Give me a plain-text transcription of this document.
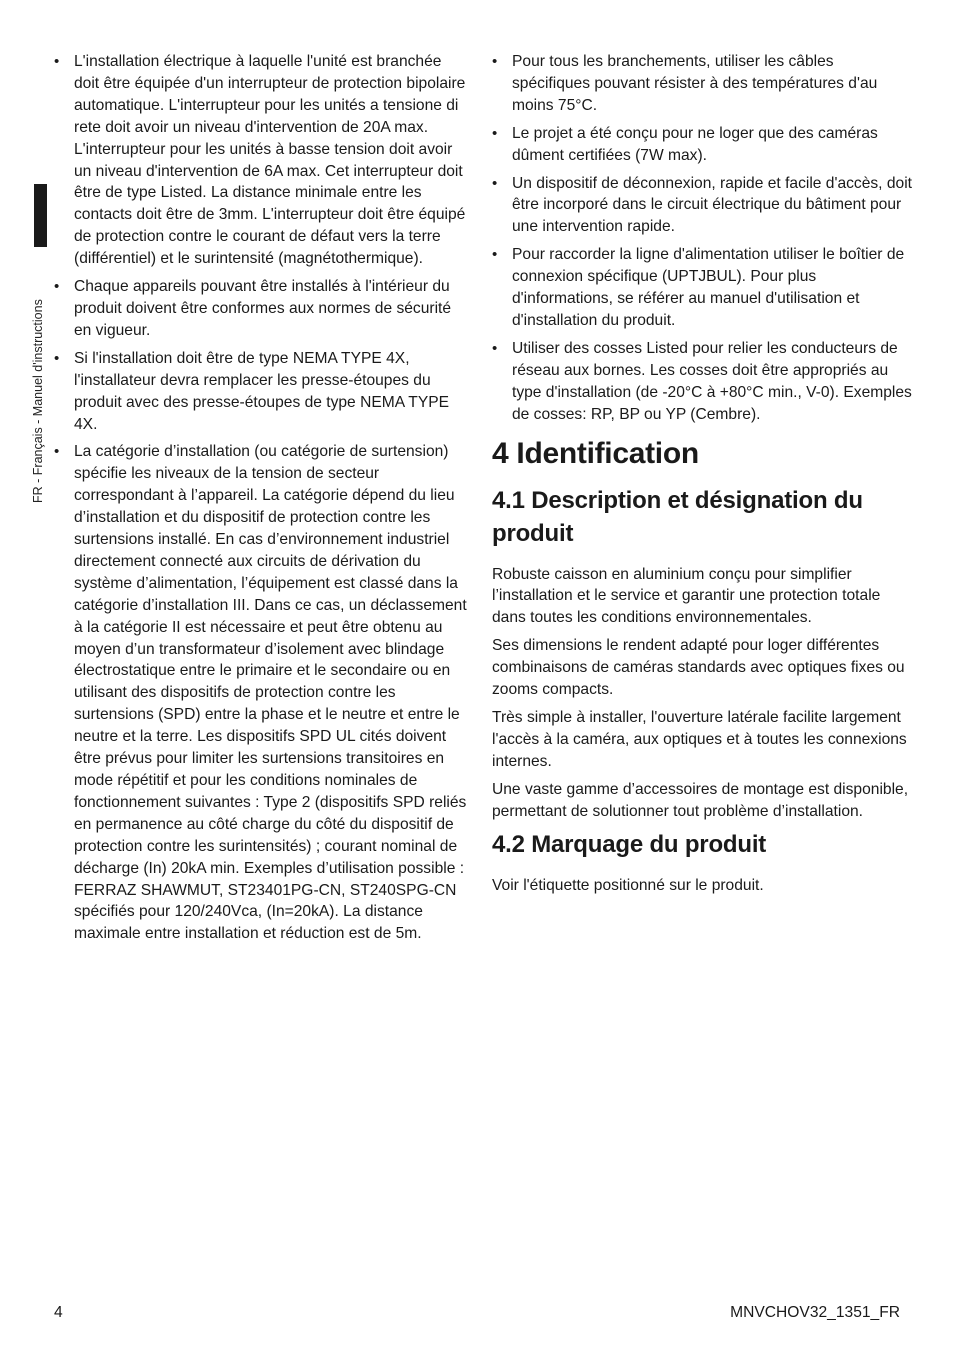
FR - Français - Manuel d'instructions
• L'installation électrique à laquelle l'unité est branchée doit être équipée d'un interrupteur de protection bipolaire automatique. L'interrupteur pour les unités a tensione di rete doit avoir un niveau d'intervention de 20A max. L'interrupteur pour les unités à basse tension doit avoir un niveau d'intervention de 6A max. Cet interrupteur doit être de type Listed. La distance minimale entre les contacts doit être de 3mm. L'interrupteur doit être équipé de protection contre le courant de défaut vers la terre (différentiel) et le surintensité (magnétothermique).
• Chaque appareils pouvant être installés à l'intérieur du produit doivent être conformes aux normes de sécurité en vigueur.
• Si l'installation doit être de type NEMA TYPE 4X, l'installateur devra remplacer les presse-étoupes du produit avec des presse-étoupes de type NEMA TYPE 4X.
• La catégorie d’installation (ou catégorie de surtension) spécifie les niveaux de la tension de secteur correspondant à l’appareil. La catégorie dépend du lieu d’installation et du dispositif de protection contre les surtensions installé. En cas d’environnement industriel directement connecté aux circuits de dérivation du système d’alimentation, l’équipement est classé dans la catégorie d’installation III. Dans ce cas, un déclassement à la catégorie II est nécessaire et peut être obtenu au moyen d’un transformateur d’isolement avec blindage électrostatique entre le primaire et le secondaire ou en utilisant des dispositifs de protection contre les surtensions (SPD) entre la phase et le neutre et entre le neutre et la terre. Les dispositifs SPD UL cités doivent être prévus pour limiter les surtensions transitoires en mode répétitif et pour les conditions nominales de fonctionnement suivantes : Type 2 (dispositifs SPD reliés en permanence au côté charge du côté du dispositif de protection contre les surintensités) ; courant nominal de décharge (In) 20kA min. Exemples d’utilisation possible : FERRAZ SHAWMUT, ST23401PG-CN, ST240SPG-CN spécifiés pour 120/240Vca, (In=20kA). La distance maximale entre installation et réduction est de 5m.
• Pour tous les branchements, utiliser les câbles spécifiques pouvant résister à des températures d'au moins 75°C.
• Le projet a été conçu pour ne loger que des caméras dûment certifiées (7W max).
• Un dispositif de déconnexion, rapide et facile d'accès, doit être incorporé dans le circuit électrique du bâtiment pour une intervention rapide.
• Pour raccorder la ligne d'alimentation utiliser le boîtier de connexion spécifique (UPTJBUL). Pour plus d'informations, se référer au manuel d'utilisation et d'installation du produit.
• Utiliser des cosses Listed pour relier les conducteurs de réseau aux bornes. Les cosses doit être appropriés au type d'installation (de -20°C à +80°C min., V-0). Exemples de cosses: RP, BP ou YP (Cembre).
4 Identification
4.1 Description et désignation du produit

Robuste caisson en aluminium conçu pour simplifier l’installation et le service et garantir une protection totale dans toutes les conditions environnementales.

Ses dimensions le rendent adapté pour loger différentes combinaisons de caméras standards avec optiques fixes ou zooms compacts.

Très simple à installer, l'ouverture latérale facilite largement l'accès à la caméra, aux optiques et à toutes les connexions internes.

Une vaste gamme d’accessoires de montage est disponible, permettant de solutionner tout problème d’installation.

4.2 Marquage du produit

Voir l'étiquette positionné sur le produit.

4	MNVCHOV32_1351_FR
